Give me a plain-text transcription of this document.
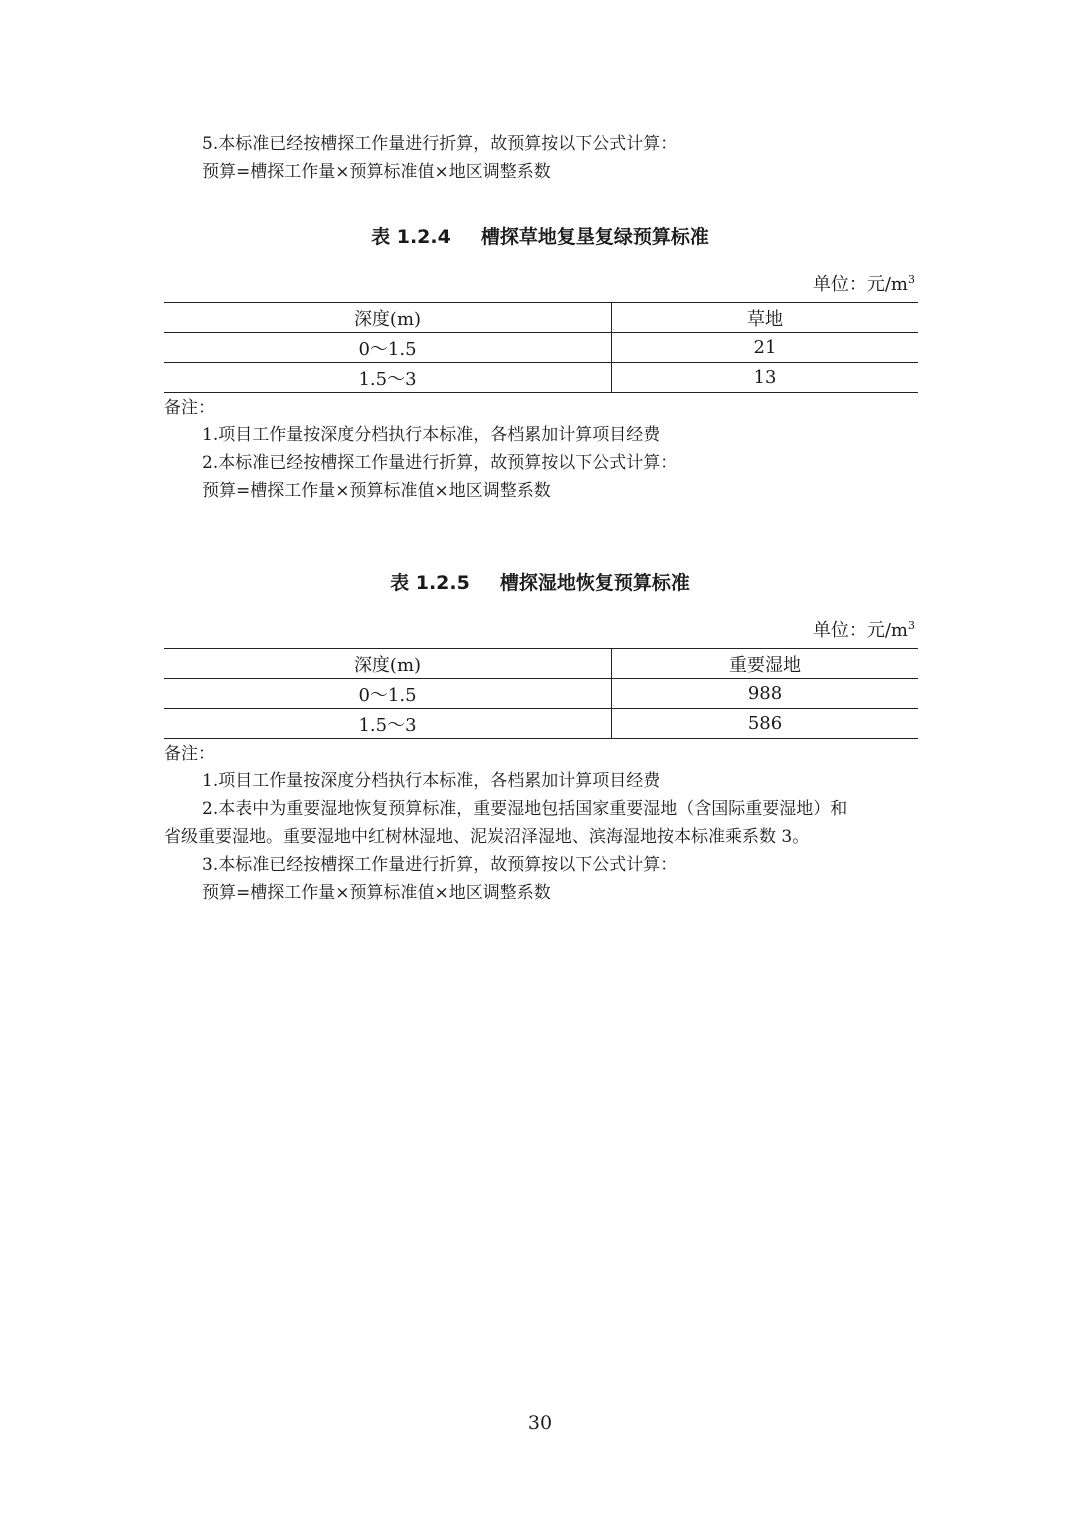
5.本标准已经按槽探工作量进行折算，故预算按以下公式计算：
预算=槽探工作量×预算标准值×地区调整系数
表 1.2.4 槽探草地复垦复绿预算标准
单位：元$/m^3$
深度(m)	草地
0～1.5	21
1.5～3	13
备注：
1.项目工作量按深度分档执行本标准，各档累加计算项目经费
2.本标准已经按槽探工作量进行折算，故预算按以下公式计算：
预算=槽探工作量×预算标准值×地区调整系数
表 1.2.5 槽探湿地恢复预算标准
单位：元$/m^3$
深度(m)	重要湿地
0～1.5	988
1.5～3	586
备注：
1.项目工作量按深度分档执行本标准，各档累加计算项目经费
2.本表中为重要湿地恢复预算标准，重要湿地包括国家重要湿地（含国际重要湿地）和
省级重要湿地。重要湿地中红树林湿地、泥炭沼泽湿地、滨海湿地按本标准乘系数 3。
3.本标准已经按槽探工作量进行折算，故预算按以下公式计算：
预算=槽探工作量×预算标准值×地区调整系数
30
